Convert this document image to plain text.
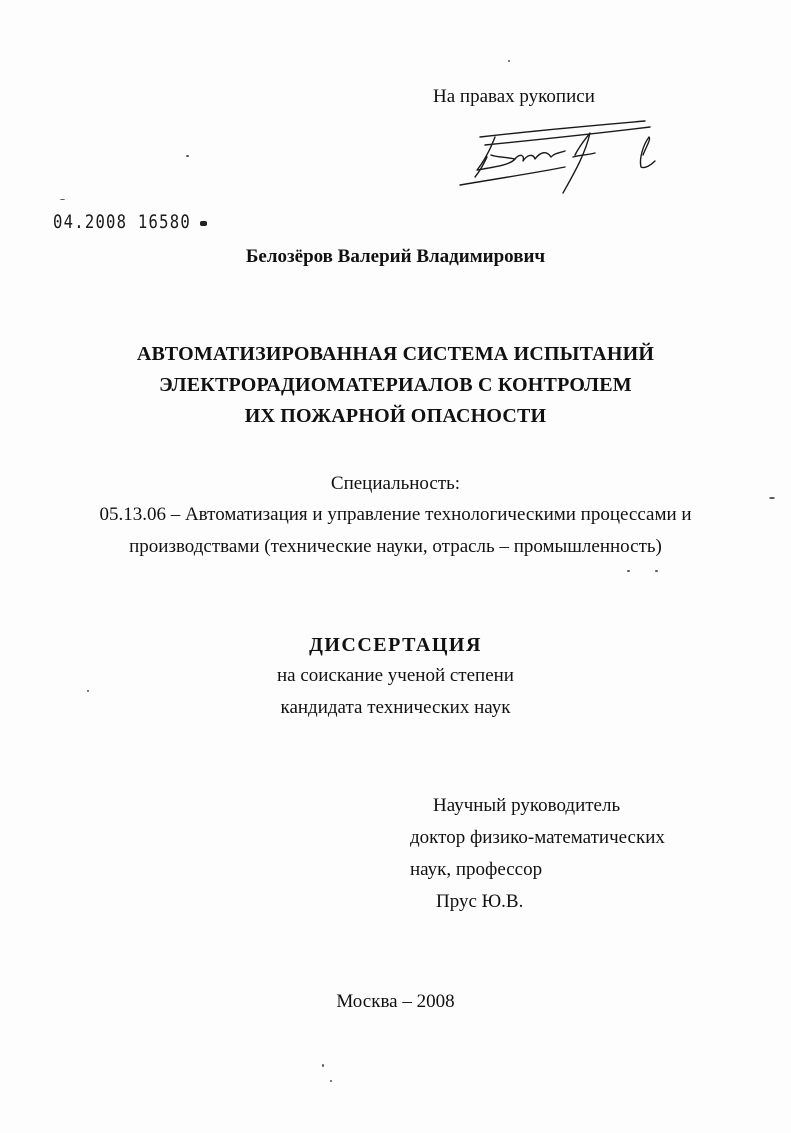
На правах рукописи
04.2008 16580
Белозёров Валерий Владимирович
АВТОМАТИЗИРОВАННАЯ СИСТЕМА ИСПЫТАНИЙ
ЭЛЕКТРОРАДИОМАТЕРИАЛОВ С КОНТРОЛЕМ
ИХ ПОЖАРНОЙ ОПАСНОСТИ
Специальность:
05.13.06 – Автоматизация и управление технологическими процессами и
производствами (технические науки, отрасль – промышленность)
ДИССЕРТАЦИЯ
на соискание ученой степени
кандидата технических наук
Научный руководитель
доктор физико-математических
наук, профессор
Прус Ю.В.
Москва – 2008
